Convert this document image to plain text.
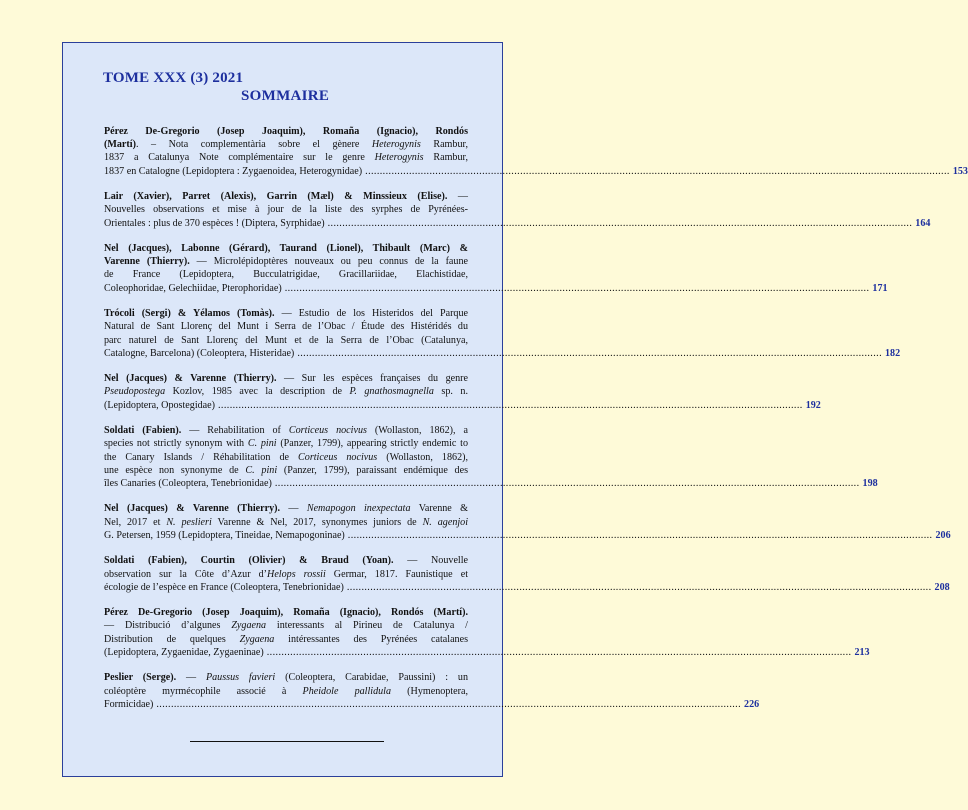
TOME XXX (3) 2021
SOMMAIRE
Pérez De-Gregorio (Josep Joaquim), Romaña (Ignacio), Rondós
(Martí). – Nota complementària sobre el gènere Heterogynis Rambur,
1837 a Catalunya Note complémentaire sur le genre Heterogynis Rambur,
1837 en Catalogne (Lepidoptera : Zygaenoidea, Heterogynidae) ........................................................................................................................................................................................................ 153
Lair (Xavier), Parret (Alexis), Garrin (Mæl) & Minssieux (Elise). —
Nouvelles observations et mise à jour de la liste des syrphes de Pyrénées-
Orientales : plus de 370 espèces ! (Diptera, Syrphidae) ........................................................................................................................................................................................................ 164
Nel (Jacques), Labonne (Gérard), Taurand (Lionel), Thibault (Marc) &
Varenne (Thierry). — Microlépidoptères nouveaux ou peu connus de la faune
de France (Lepidoptera, Bucculatrigidae, Gracillariidae, Elachistidae,
Coleophoridae, Gelechiidae, Pterophoridae) ........................................................................................................................................................................................................ 171
Trócoli (Sergi) & Yélamos (Tomàs). — Estudio de los Histeridos del Parque
Natural de Sant Llorenç del Munt i Serra de l’Obac / Étude des Histéridés du
parc naturel de Sant Llorenç del Munt et de la Serra de l’Obac (Catalunya,
Catalogne, Barcelona) (Coleoptera, Histeridae) ........................................................................................................................................................................................................ 182
Nel (Jacques) & Varenne (Thierry). — Sur les espèces françaises du genre
Pseudopostega Kozlov, 1985 avec la description de P. gnathosmagnella sp. n.
(Lepidoptera, Opostegidae) ........................................................................................................................................................................................................ 192
Soldati (Fabien). — Rehabilitation of Corticeus nocivus (Wollaston, 1862), a
species not strictly synonym with C. pini (Panzer, 1799), appearing strictly endemic to
the Canary Islands / Réhabilitation de Corticeus nocivus (Wollaston, 1862),
une espèce non synonyme de C. pini (Panzer, 1799), paraissant endémique des
îles Canaries (Coleoptera, Tenebrionidae) ........................................................................................................................................................................................................ 198
Nel (Jacques) & Varenne (Thierry). — Nemapogon inexpectata Varenne &
Nel, 2017 et N. peslieri Varenne & Nel, 2017, synonymes juniors de N. agenjoi
G. Petersen, 1959 (Lepidoptera, Tineidae, Nemapogoninae) ........................................................................................................................................................................................................ 206
Soldati (Fabien), Courtin (Olivier) & Braud (Yoan). — Nouvelle
observation sur la Côte d’Azur d’Helops rossii Germar, 1817. Faunistique et
écologie de l’espèce en France (Coleoptera, Tenebrionidae) ........................................................................................................................................................................................................ 208
Pérez De-Gregorio (Josep Joaquim), Romaña (Ignacio), Rondós (Martí).
— Distribució d’algunes Zygaena interessants al Pirineu de Catalunya /
Distribution de quelques Zygaena intéressantes des Pyrénées catalanes
(Lepidoptera, Zygaenidae, Zygaeninae) ........................................................................................................................................................................................................ 213
Peslier (Serge). — Paussus favieri (Coleoptera, Carabidae, Paussini) : un
coléoptère myrmécophile associé à Pheidole pallidula (Hymenoptera,
Formicidae) ........................................................................................................................................................................................................ 226
